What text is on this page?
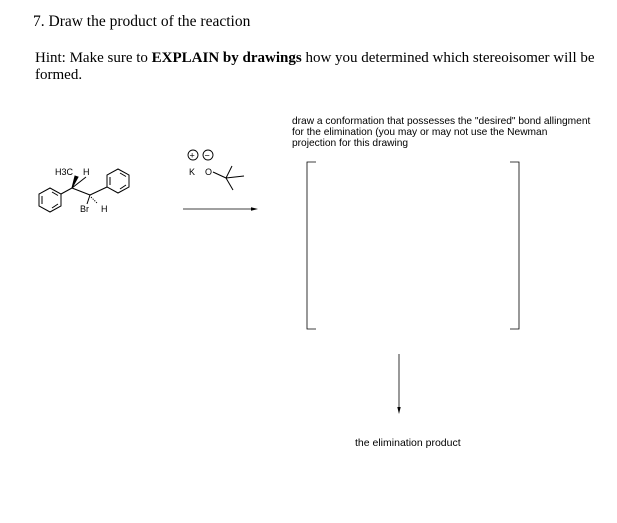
7. Draw the product of the reaction
Hint: Make sure to EXPLAIN by drawings how you determined which stereoisomer will be formed.
draw a conformation that possesses the "desired" bond allingment for the elimination (you may or may not use the Newman projection for this drawing
the elimination product
H3C H
Br H
+ −
K O
